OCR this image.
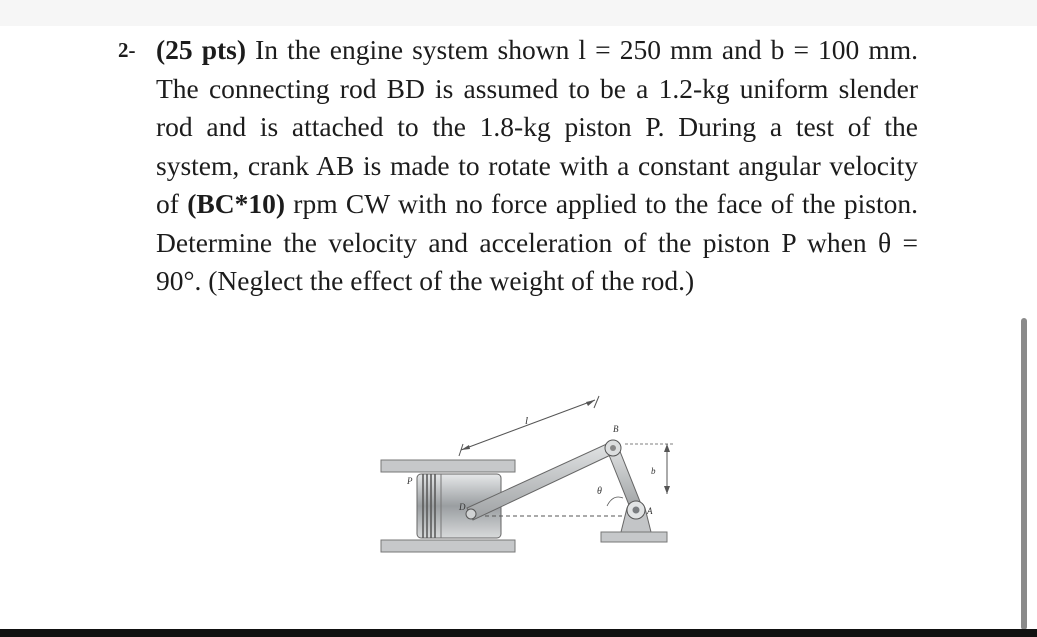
2- (25 pts) In the engine system shown l = 250 mm and b = 100 mm. The connecting rod BD is assumed to be a 1.2-kg uniform slender rod and is attached to the 1.8-kg piston P. During a test of the system, crank AB is made to rotate with a constant angular velocity of (BC*10) rpm CW with no force applied to the face of the piston. Determine the velocity and acceleration of the piston P when θ = 90°. (Neglect the effect of the weight of the rod.)
l
P
D
B
θ
A
b
